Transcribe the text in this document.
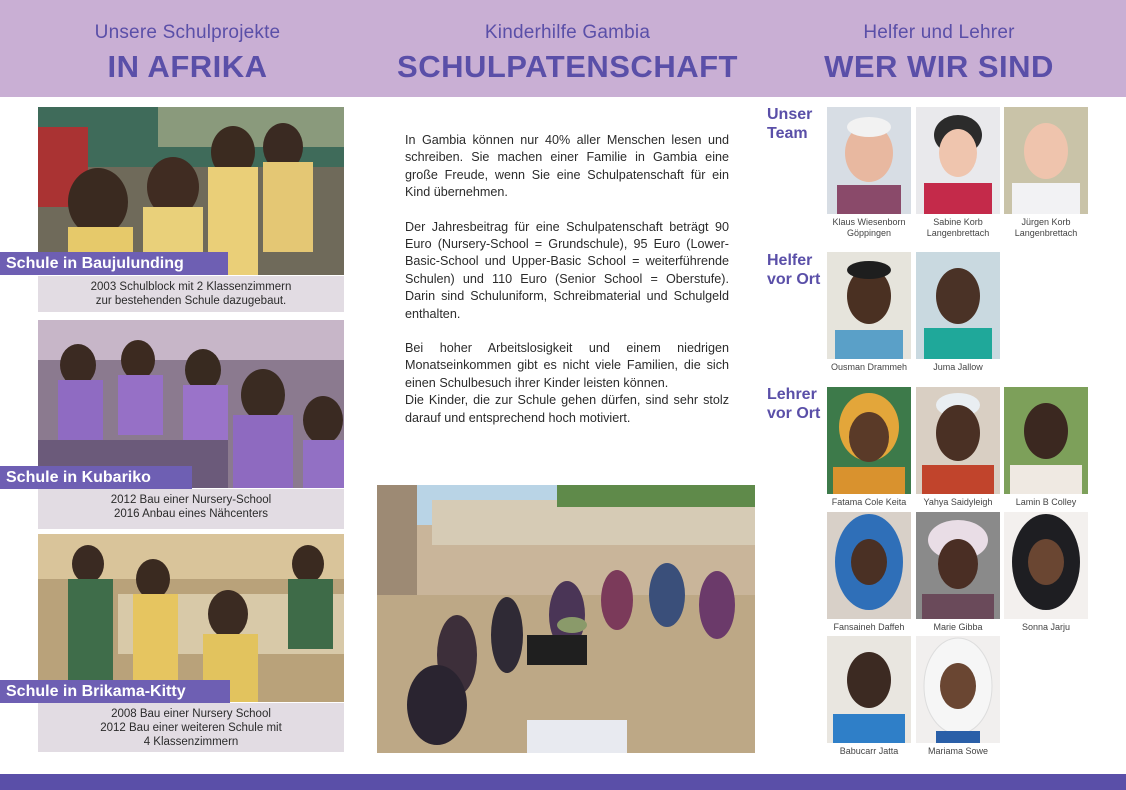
Unsere Schulprojekte
IN AFRIKA
Kinderhilfe Gambia
SCHULPATENSCHAFT
Helfer und Lehrer
WER WIR SIND
Schule in Baujulunding
2003 Schulblock mit 2 Klassenzimmern
zur bestehenden Schule dazugebaut.
Schule in Kubariko
2012 Bau einer Nursery-School
2016 Anbau eines Nähcenters
Schule in Brikama-Kitty
2008 Bau einer Nursery School
2012 Bau einer weiteren Schule mit
4 Klassenzimmern

In Gambia können nur 40% aller Menschen lesen und schreiben. Sie machen einer Familie in Gambia eine große Freude, wenn Sie eine Schulpatenschaft für ein Kind übernehmen.

Der Jahresbeitrag für eine Schulpatenschaft beträgt 90 Euro (Nursery-School = Grundschule), 95 Euro (Lower-Basic-School und Upper-Basic School = weiterführende Schulen) und 110 Euro (Senior School = Oberstufe). Darin sind Schuluniform, Schreibmaterial und Schulgeld enthalten.

Bei hoher Arbeitslosigkeit und einem niedrigen Monatseinkommen gibt es nicht viele Familien, die sich einen Schulbesuch ihrer Kinder leisten können.

Die Kinder, die zur Schule gehen dürfen, sind sehr stolz darauf und entsprechend hoch motiviert.

Unser
Team
Helfer
vor Ort
Lehrer
vor Ort
Klaus Wiesenborn
Göppingen
Sabine Korb
Langenbrettach
Jürgen Korb
Langenbrettach
Ousman Drammeh	Juma Jallow
Fatama Cole Keita	Yahya Saidyleigh	Lamin B Colley
Fansaineh Daffeh	Marie Gibba	Sonna Jarju
Babucarr Jatta	Mariama Sowe
